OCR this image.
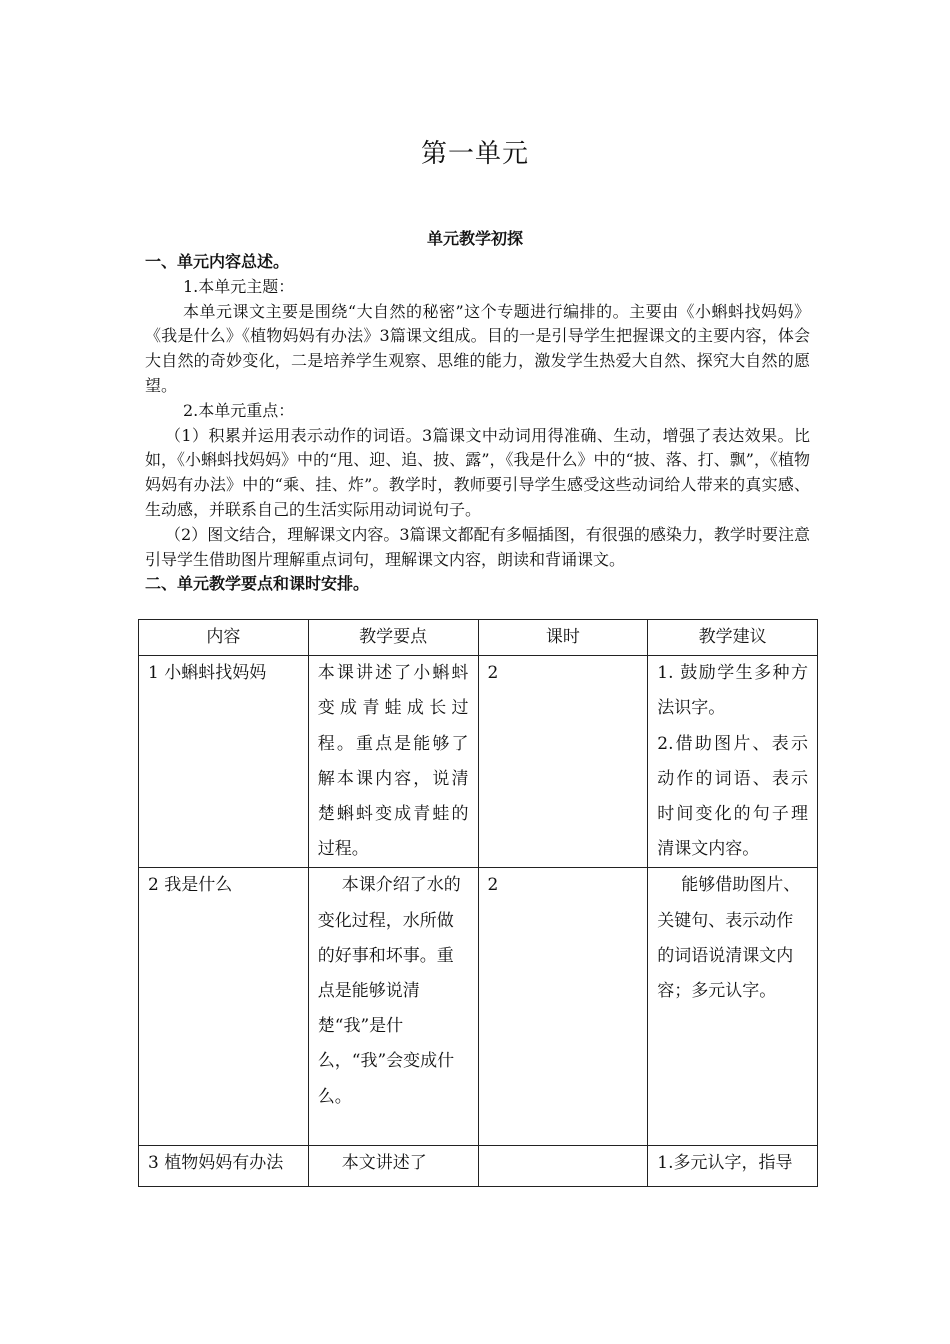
第一单元
单元教学初探

一、单元内容总述。

1.本单元主题：

本单元课文主要是围绕“大自然的秘密”这个专题进行编排的。主要由《小蝌蚪找妈妈》《我是什么》《植物妈妈有办法》3篇课文组成。目的一是引导学生把握课文的主要内容，体会大自然的奇妙变化，二是培养学生观察、思维的能力，激发学生热爱大自然、探究大自然的愿望。

2.本单元重点：

（1）积累并运用表示动作的词语。3篇课文中动词用得准确、生动，增强了表达效果。比如，《小蝌蚪找妈妈》中的“甩、迎、追、披、露”，《我是什么》中的“披、落、打、飘”，《植物妈妈有办法》中的“乘、挂、炸”。教学时，教师要引导学生感受这些动词给人带来的真实感、生动感，并联系自己的生活实际用动词说句子。

（2）图文结合，理解课文内容。3篇课文都配有多幅插图，有很强的感染力，教学时要注意引导学生借助图片理解重点词句，理解课文内容，朗读和背诵课文。

二、单元教学要点和课时安排。

内容	教学要点	课时	教学建议
1 小蝌蚪找妈妈	本课讲述了小蝌蚪变成青蛙成长过程。重点是能够了解本课内容，说清楚蝌蚪变成青蛙的过程。	2	1. 鼓励学生多种方法识字。
2.借助图片、表示动作的词语、表示时间变化的句子理清课文内容。

2 我是什么	本课介绍了水的变化过程，水所做的好事和坏事。重点是能够说清楚“我”是什么，“我”会变成什么。	2	能够借助图片、关键句、表示动作的词语说清课文内容；多元认字。
3 植物妈妈有办法	本文讲述了		1.多元认字，指导
